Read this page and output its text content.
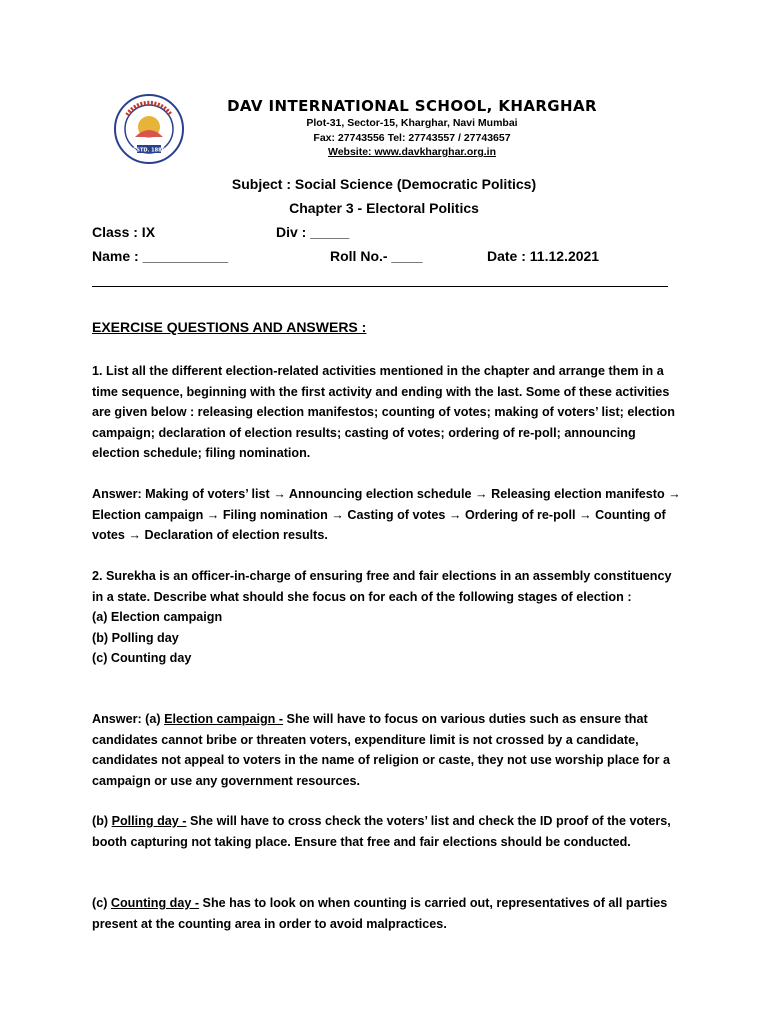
ESTD. 1886

DAV INTERNATIONAL SCHOOL, KHARGHAR

Plot-31, Sector-15, Kharghar, Navi Mumbai

Fax: 27743556 Tel: 27743557 / 27743657

Website: www.davkharghar.org.in

Subject : Social Science (Democratic Politics)

Chapter 3 - Electoral Politics

Class : IX	Div : _____

Name : ___________	Roll No.- ____	Date : 11.12.2021

EXERCISE QUESTIONS AND ANSWERS :

1. List all the different election-related activities mentioned in the chapter and arrange them in a time sequence, beginning with the first activity and ending with the last. Some of these activities are given below : releasing election manifestos; counting of votes; making of voters’ list; election campaign; declaration of election results; casting of votes; ordering of re-poll; announcing election schedule; filing nomination.

Answer: Making of voters’ list → Announcing election schedule → Releasing election manifesto → Election campaign → Filing nomination → Casting of votes → Ordering of re-poll → Counting of votes → Declaration of election results.

2. Surekha is an officer-in-charge of ensuring free and fair elections in an assembly constituency in a state. Describe what should she focus on for each of the following stages of election :

(a) Election campaign

(b) Polling day

(c) Counting day

Answer: (a) Election campaign - She will have to focus on various duties such as ensure that candidates cannot bribe or threaten voters, expenditure limit is not crossed by a candidate, candidates not appeal to voters in the name of religion or caste, they not use worship place for a campaign or use any government resources.

(b) Polling day - She will have to cross check the voters’ list and check the ID proof of the voters, booth capturing not taking place. Ensure that free and fair elections should be conducted.

(c) Counting day - She has to look on when counting is carried out, representatives of all parties present at the counting area in order to avoid malpractices.
